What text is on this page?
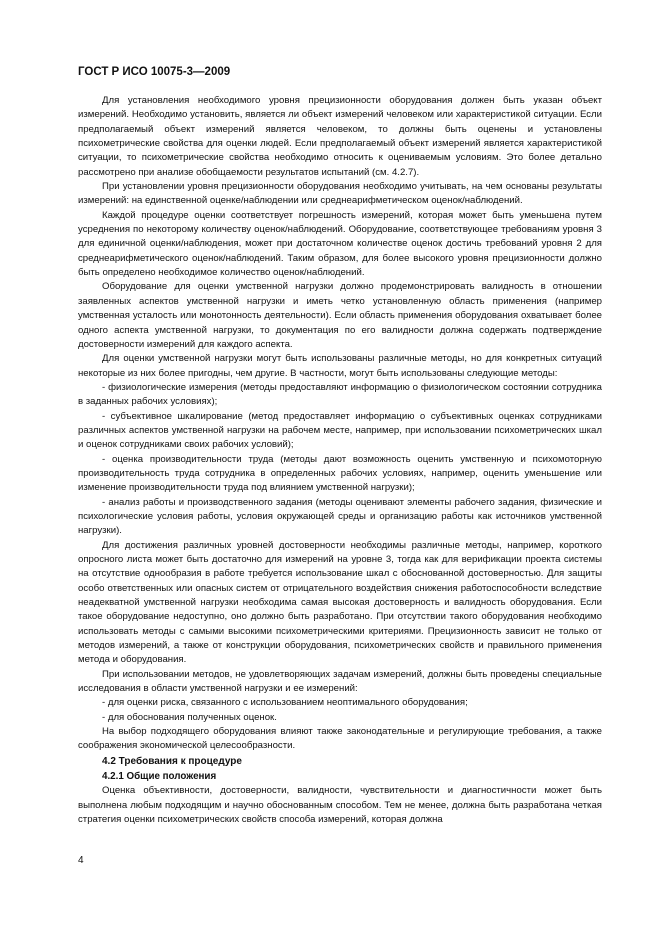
ГОСТ Р ИСО 10075-3—2009

Для установления необходимого уровня прецизионности оборудования должен быть указан объект измерений. Необходимо установить, является ли объект измерений человеком или характеристикой ситуации. Если предполагаемый объект измерений является человеком, то должны быть оценены и установлены психометрические свойства для оценки людей. Если предполагаемый объект измерений является характеристикой ситуации, то психометрические свойства необходимо относить к оцениваемым условиям. Это более детально рассмотрено при анализе обобщаемости результатов испытаний (см. 4.2.7).

При установлении уровня прецизионности оборудования необходимо учитывать, на чем основаны результаты измерений: на единственной оценке/наблюдении или среднеарифметическом оценок/наблюдений.

Каждой процедуре оценки соответствует погрешность измерений, которая может быть уменьшена путем усреднения по некоторому количеству оценок/наблюдений. Оборудование, соответствующее требованиям уровня 3 для единичной оценки/наблюдения, может при достаточном количестве оценок достичь требований уровня 2 для среднеарифметического оценок/наблюдений. Таким образом, для более высокого уровня прецизионности должно быть определено необходимое количество оценок/наблюдений.

Оборудование для оценки умственной нагрузки должно продемонстрировать валидность в отношении заявленных аспектов умственной нагрузки и иметь четко установленную область применения (например умственная усталость или монотонность деятельности). Если область применения оборудования охватывает более одного аспекта умственной нагрузки, то документация по его валидности должна содержать подтверждение достоверности измерений для каждого аспекта.

Для оценки умственной нагрузки могут быть использованы различные методы, но для конкретных ситуаций некоторые из них более пригодны, чем другие. В частности, могут быть использованы следующие методы:

- физиологические измерения (методы предоставляют информацию о физиологическом состоянии сотрудника в заданных рабочих условиях);

- субъективное шкалирование (метод предоставляет информацию о субъективных оценках сотрудниками различных аспектов умственной нагрузки на рабочем месте, например, при использовании психометрических шкал и оценок сотрудниками своих рабочих условий);

- оценка производительности труда (методы дают возможность оценить умственную и психомоторную производительность труда сотрудника в определенных рабочих условиях, например, оценить уменьшение или изменение производительности труда под влиянием умственной нагрузки);

- анализ работы и производственного задания (методы оценивают элементы рабочего задания, физические и психологические условия работы, условия окружающей среды и организацию работы как источников умственной нагрузки).

Для достижения различных уровней достоверности необходимы различные методы, например, короткого опросного листа может быть достаточно для измерений на уровне 3, тогда как для верификации проекта системы на отсутствие однообразия в работе требуется использование шкал с обоснованной достоверностью. Для защиты особо ответственных или опасных систем от отрицательного воздействия снижения работоспособности вследствие неадекватной умственной нагрузки необходима самая высокая достоверность и валидность оборудования. Если такое оборудование недоступно, оно должно быть разработано. При отсутствии такого оборудования необходимо использовать методы с самыми высокими психометрическими критериями. Прецизионность зависит не только от методов измерений, а также от конструкции оборудования, психометрических свойств и правильного применения метода и оборудования.

При использовании методов, не удовлетворяющих задачам измерений, должны быть проведены специальные исследования в области умственной нагрузки и ее измерений:

- для оценки риска, связанного с использованием неоптимального оборудования;

- для обоснования полученных оценок.

На выбор подходящего оборудования влияют также законодательные и регулирующие требования, а также соображения экономической целесообразности.

4.2 Требования к процедуре
4.2.1 Общие положения

Оценка объективности, достоверности, валидности, чувствительности и диагностичности может быть выполнена любым подходящим и научно обоснованным способом. Тем не менее, должна быть разработана четкая стратегия оценки психометрических свойств способа измерений, которая должна

4
